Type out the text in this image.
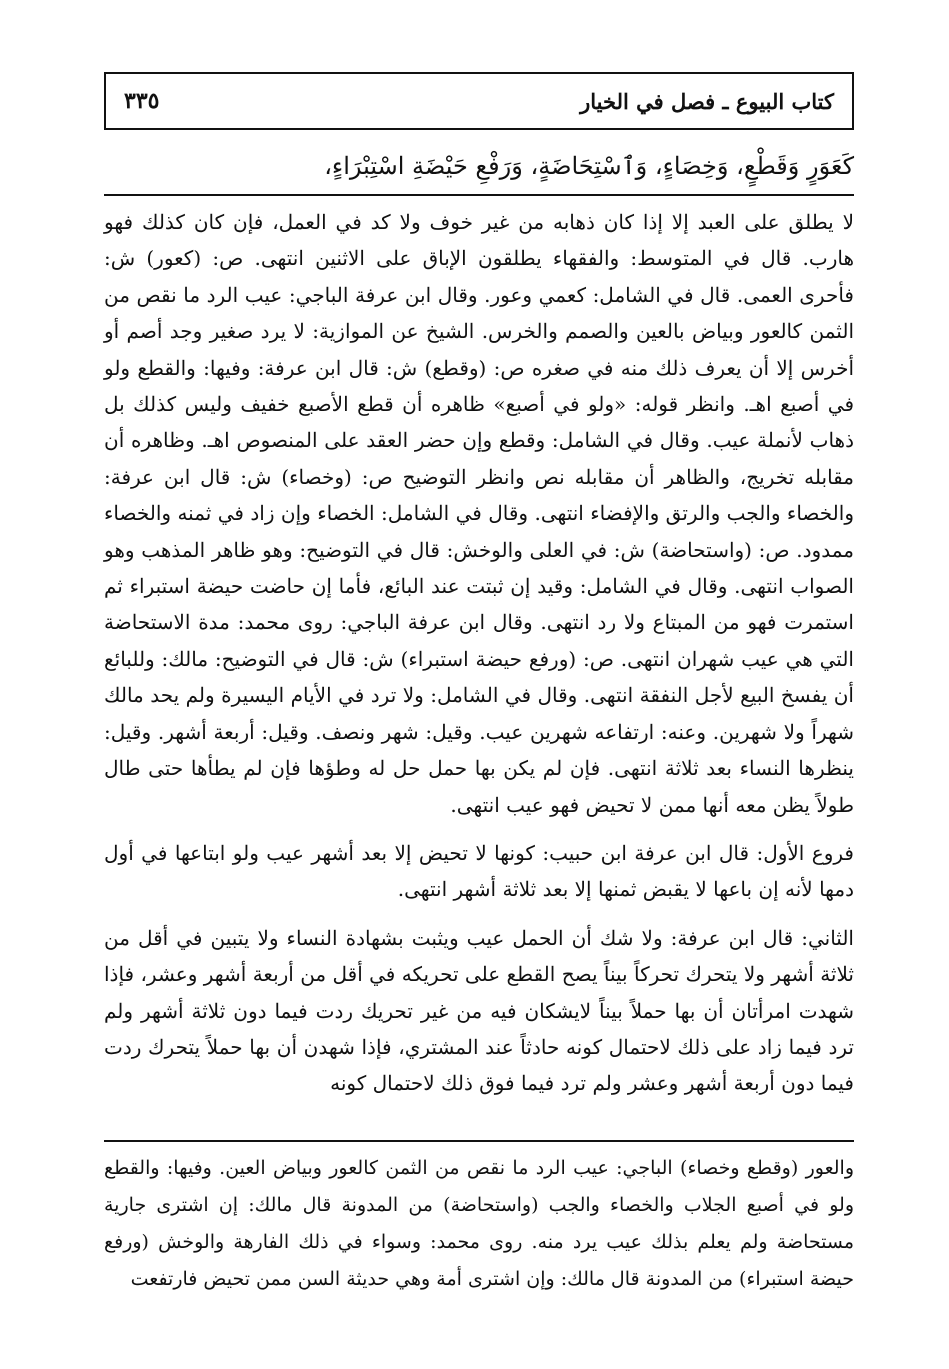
٣٣٥	كتاب البيوع ـ فصل في الخيار
كَعَوَرٍ وَقَطْعٍ، وَخِصَاءٍ، وَٱسْتِحَاضَةٍ، وَرَفْعِ حَيْضَةِ اسْتِبْرَاءٍ،

لا يطلق على العبد إلا إذا كان ذهابه من غير خوف ولا كد في العمل، فإن كان كذلك فهو هارب. قال في المتوسط: والفقهاء يطلقون الإباق على الاثنين انتهى. ص: (كعور) ش: فأحرى العمى. قال في الشامل: كعمي وعور. وقال ابن عرفة الباجي: عيب الرد ما نقص من الثمن كالعور وبياض بالعين والصمم والخرس. الشيخ عن الموازية: لا يرد صغير وجد أصم أو أخرس إلا أن يعرف ذلك منه في صغره ص: (وقطع) ش: قال ابن عرفة: وفيها: والقطع ولو في أصبع اهـ. وانظر قوله: «ولو في أصبع» ظاهره أن قطع الأصبع خفيف وليس كذلك بل ذهاب لأنملة عيب. وقال في الشامل: وقطع وإن حضر العقد على المنصوص اهـ. وظاهره أن مقابله تخريج، والظاهر أن مقابله نص وانظر التوضيح ص: (وخصاء) ش: قال ابن عرفة: والخصاء والجب والرتق والإفضاء انتهى. وقال في الشامل: الخصاء وإن زاد في ثمنه والخصاء ممدود. ص: (واستحاضة) ش: في العلى والوخش: قال في التوضيح: وهو ظاهر المذهب وهو الصواب انتهى. وقال في الشامل: وقيد إن ثبتت عند البائع، فأما إن حاضت حيضة استبراء ثم استمرت فهو من المبتاع ولا رد انتهى. وقال ابن عرفة الباجي: روى محمد: مدة الاستحاضة التي هي عيب شهران انتهى. ص: (ورفع حيضة استبراء) ش: قال في التوضيح: مالك: وللبائع أن يفسخ البيع لأجل النفقة انتهى. وقال في الشامل: ولا ترد في الأيام اليسيرة ولم يحد مالك شهراً ولا شهرين. وعنه: ارتفاعه شهرين عيب. وقيل: شهر ونصف. وقيل: أربعة أشهر. وقيل: ينظرها النساء بعد ثلاثة انتهى. فإن لم يكن بها حمل حل له وطؤها فإن لم يطأها حتى طال طولاً يظن معه أنها ممن لا تحيض فهو عيب انتهى.

فروع الأول: قال ابن عرفة ابن حبيب: كونها لا تحيض إلا بعد أشهر عيب ولو ابتاعها في أول دمها لأنه إن باعها لا يقبض ثمنها إلا بعد ثلاثة أشهر انتهى.

الثاني: قال ابن عرفة: ولا شك أن الحمل عيب ويثبت بشهادة النساء ولا يتبين في أقل من ثلاثة أشهر ولا يتحرك تحركاً بيناً يصح القطع على تحريكه في أقل من أربعة أشهر وعشر، فإذا شهدت امرأتان أن بها حملاً بيناً لايشكان فيه من غير تحريك ردت فيما دون ثلاثة أشهر ولم ترد فيما زاد على ذلك لاحتمال كونه حادثاً عند المشتري، فإذا شهدن أن بها حملاً يتحرك ردت فيما دون أربعة أشهر وعشر ولم ترد فيما فوق ذلك لاحتمال كونه

والعور (وقطع وخصاء) الباجي: عيب الرد ما نقص من الثمن كالعور وبياض العين. وفيها: والقطع ولو في أصبع الجلاب والخصاء والجب (واستحاضة) من المدونة قال مالك: إن اشترى جارية مستحاضة ولم يعلم بذلك عيب يرد منه. روى محمد: وسواء في ذلك الفارهة والوخش (ورفع حيضة استبراء) من المدونة قال مالك: وإن اشترى أمة وهي حديثة السن ممن تحيض فارتفعت
